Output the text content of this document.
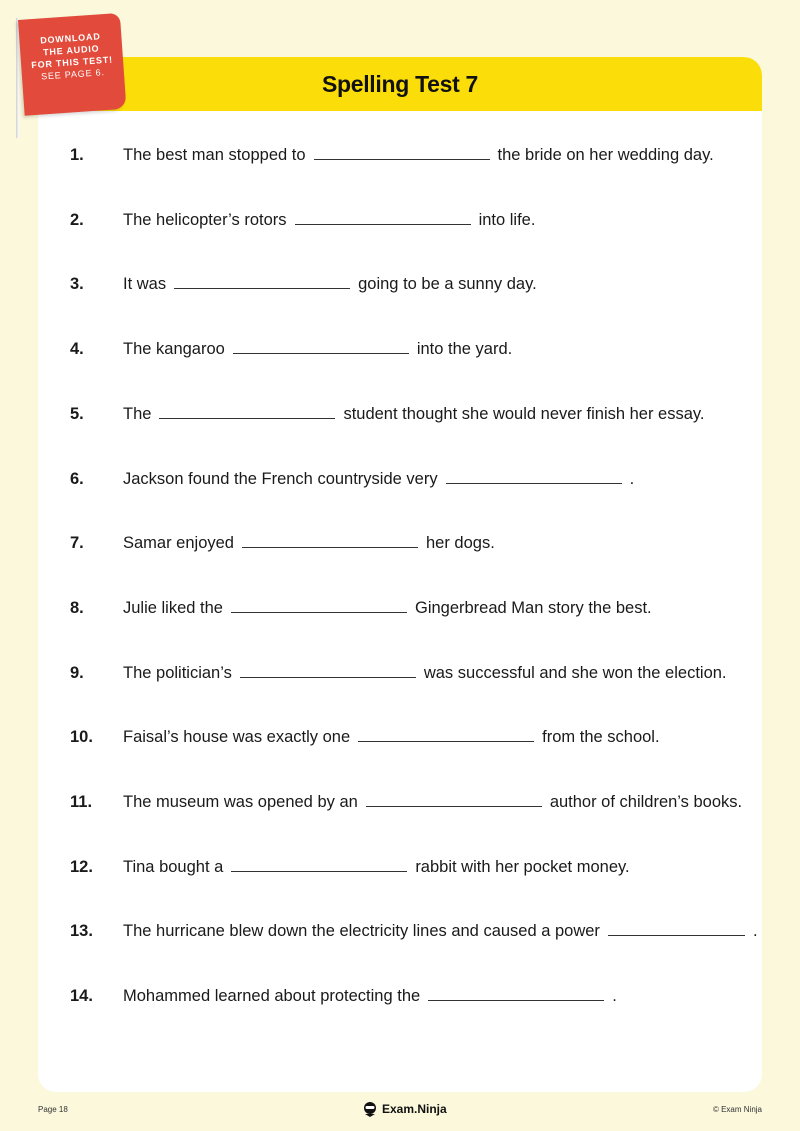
DOWNLOAD
THE AUDIO
FOR THIS TEST!
SEE PAGE 6.	Spelling Test 7
1.	The best man stopped to	the bride on her wedding day.
2.	The helicopter’s rotors	into life.
3.	It was	going to be a sunny day.
4.	The kangaroo	into the yard.
5.	The	student thought she would never finish her essay.
6.	Jackson found the French countryside very	.
7.	Samar enjoyed	her dogs.
8.	Julie liked the	Gingerbread Man story the best.
9.	The politician’s	was successful and she won the election.
10.	Faisal’s house was exactly one	from the school.
11.	The museum was opened by an	author of children’s books.
12.	Tina bought a	rabbit with her pocket money.
13.	The hurricane blew down the electricity lines and caused a power	.
14.	Mohammed learned about protecting the	.
Page 18	Exam.Ninja	© Exam Ninja
